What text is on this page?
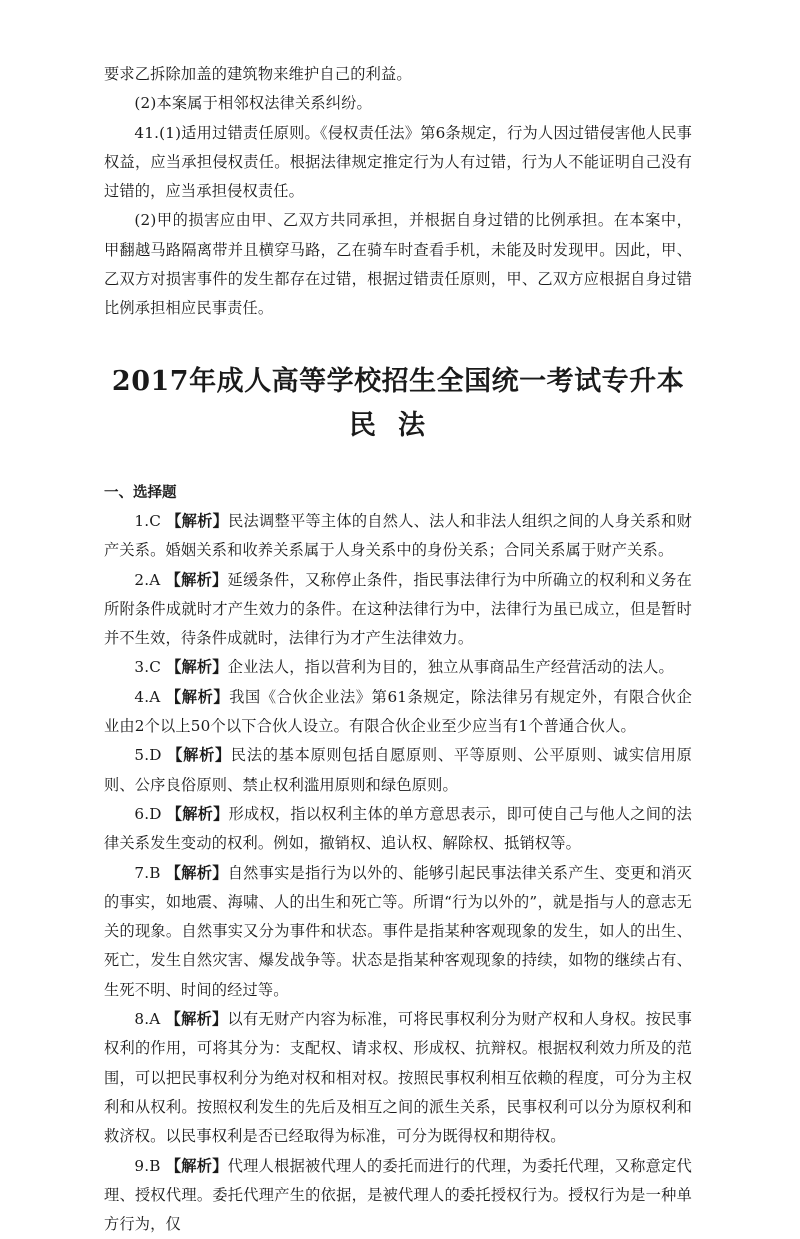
要求乙拆除加盖的建筑物来维护自己的利益。

(2)本案属于相邻权法律关系纠纷。

41.(1)适用过错责任原则。《侵权责任法》第6条规定，行为人因过错侵害他人民事权益，应当承担侵权责任。根据法律规定推定行为人有过错，行为人不能证明自己没有过错的，应当承担侵权责任。

(2)甲的损害应由甲、乙双方共同承担，并根据自身过错的比例承担。在本案中，甲翻越马路隔离带并且横穿马路，乙在骑车时查看手机，未能及时发现甲。因此，甲、乙双方对损害事件的发生都存在过错，根据过错责任原则，甲、乙双方应根据自身过错比例承担相应民事责任。

2017年成人高等学校招生全国统一考试专升本
民法

一、选择题

1.C 【解析】民法调整平等主体的自然人、法人和非法人组织之间的人身关系和财产关系。婚姻关系和收养关系属于人身关系中的身份关系；合同关系属于财产关系。

2.A 【解析】延缓条件，又称停止条件，指民事法律行为中所确立的权利和义务在所附条件成就时才产生效力的条件。在这种法律行为中，法律行为虽已成立，但是暂时并不生效，待条件成就时，法律行为才产生法律效力。

3.C 【解析】企业法人，指以营利为目的，独立从事商品生产经营活动的法人。

4.A 【解析】我国《合伙企业法》第61条规定，除法律另有规定外，有限合伙企业由2个以上50个以下合伙人设立。有限合伙企业至少应当有1个普通合伙人。

5.D 【解析】民法的基本原则包括自愿原则、平等原则、公平原则、诚实信用原则、公序良俗原则、禁止权利滥用原则和绿色原则。

6.D 【解析】形成权，指以权利主体的单方意思表示，即可使自己与他人之间的法律关系发生变动的权利。例如，撤销权、追认权、解除权、抵销权等。

7.B 【解析】自然事实是指行为以外的、能够引起民事法律关系产生、变更和消灭的事实，如地震、海啸、人的出生和死亡等。所谓“行为以外的”，就是指与人的意志无关的现象。自然事实又分为事件和状态。事件是指某种客观现象的发生，如人的出生、死亡，发生自然灾害、爆发战争等。状态是指某种客观现象的持续，如物的继续占有、生死不明、时间的经过等。

8.A 【解析】以有无财产内容为标准，可将民事权利分为财产权和人身权。按民事权利的作用，可将其分为：支配权、请求权、形成权、抗辩权。根据权利效力所及的范围，可以把民事权利分为绝对权和相对权。按照民事权利相互依赖的程度，可分为主权利和从权利。按照权利发生的先后及相互之间的派生关系，民事权利可以分为原权利和救济权。以民事权利是否已经取得为标准，可分为既得权和期待权。

9.B 【解析】代理人根据被代理人的委托而进行的代理，为委托代理，又称意定代理、授权代理。委托代理产生的依据，是被代理人的委托授权行为。授权行为是一种单方行为，仅
